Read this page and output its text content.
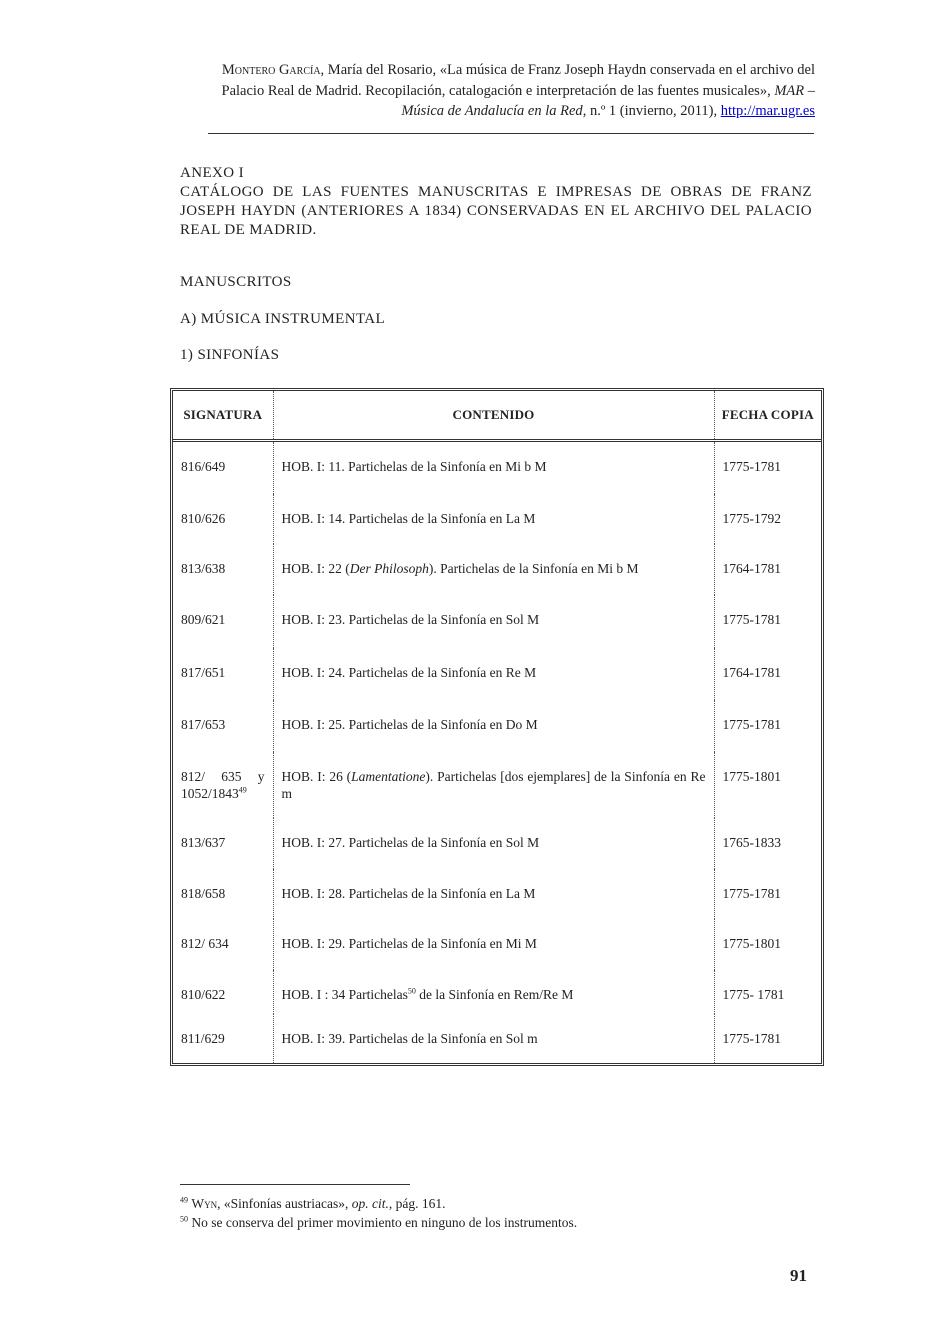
Montero García, María del Rosario, «La música de Franz Joseph Haydn conservada en el archivo del Palacio Real de Madrid. Recopilación, catalogación e interpretación de las fuentes musicales», MAR – Música de Andalucía en la Red, n.º 1 (invierno, 2011), http://mar.ugr.es
ANEXO I
CATÁLOGO DE LAS FUENTES MANUSCRITAS E IMPRESAS DE OBRAS DE FRANZ JOSEPH HAYDN (ANTERIORES A 1834) CONSERVADAS EN EL ARCHIVO DEL PALACIO REAL DE MADRID.
MANUSCRITOS
A) MÚSICA INSTRUMENTAL
1) SINFONÍAS
SIGNATURA	CONTENIDO	FECHA COPIA
816/649	HOB. I: 11. Partichelas de la Sinfonía en Mi b M	1775-1781
810/626	HOB. I: 14. Partichelas de la Sinfonía en La M	1775-1792
813/638	HOB. I: 22 (Der Philosoph). Partichelas de la Sinfonía en Mi b M	1764-1781
809/621	HOB. I: 23. Partichelas de la Sinfonía en Sol M	1775-1781
817/651	HOB. I: 24. Partichelas de la Sinfonía en Re M	1764-1781
817/653	HOB. I: 25. Partichelas de la Sinfonía en Do M	1775-1781
812/ 635 y 1052/1843$^{49}$	HOB. I: 26 (Lamentatione). Partichelas [dos ejemplares] de la Sinfonía en Re m	1775-1801
813/637	HOB. I: 27. Partichelas de la Sinfonía en Sol M	1765-1833
818/658	HOB. I: 28. Partichelas de la Sinfonía en La M	1775-1781
812/ 634	HOB. I: 29. Partichelas de la Sinfonía en Mi M	1775-1801
810/622	HOB. I : 34 Partichelas$^{50}$ de la Sinfonía en Rem/Re M	1775- 1781
811/629	HOB. I: 39. Partichelas de la Sinfonía en Sol m	1775-1781
$^{49}$ Wyn, «Sinfonías austriacas», op. cit., pág. 161.
$^{50}$ No se conserva del primer movimiento en ninguno de los instrumentos.
91
